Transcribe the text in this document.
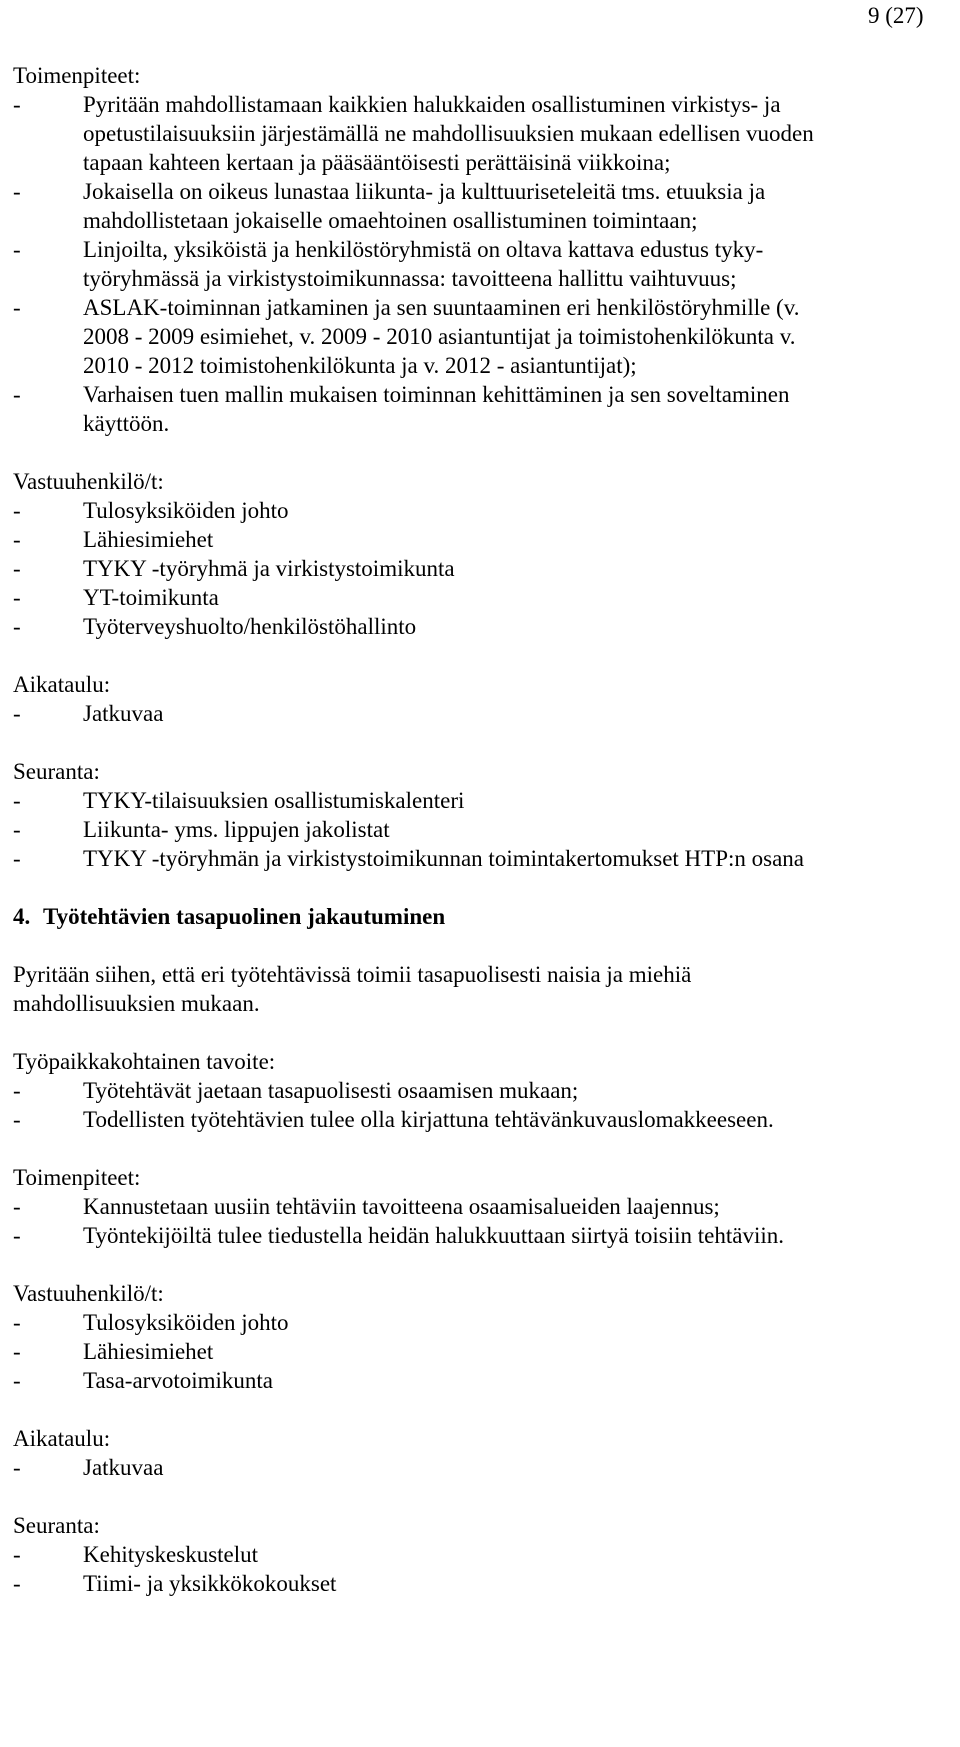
9 (27)
Toimenpiteet:
-	Pyritään mahdollistamaan kaikkien halukkaiden osallistuminen virkistys- ja
opetustilaisuuksiin järjestämällä ne mahdollisuuksien mukaan edellisen vuoden
tapaan kahteen kertaan ja pääsääntöisesti perättäisinä viikkoina;
-	Jokaisella on oikeus lunastaa liikunta- ja kulttuuriseteleitä tms. etuuksia ja
mahdollistetaan jokaiselle omaehtoinen osallistuminen toimintaan;
-	Linjoilta, yksiköistä ja henkilöstöryhmistä on oltava kattava edustus tyky-
työryhmässä ja virkistystoimikunnassa: tavoitteena hallittu vaihtuvuus;
-	ASLAK-toiminnan jatkaminen ja sen suuntaaminen eri henkilöstöryhmille (v.
2008 - 2009 esimiehet, v. 2009 - 2010 asiantuntijat ja toimistohenkilökunta v.
2010 - 2012 toimistohenkilökunta ja v. 2012 - asiantuntijat);
-	Varhaisen tuen mallin mukaisen toiminnan kehittäminen ja sen soveltaminen
käyttöön.
Vastuuhenkilö/t:
-	Tulosyksiköiden johto
-	Lähiesimiehet
-	TYKY -työryhmä ja virkistystoimikunta
-	YT-toimikunta
-	Työterveyshuolto/henkilöstöhallinto
Aikataulu:
-	Jatkuvaa
Seuranta:
-	TYKY-tilaisuuksien osallistumiskalenteri
-	Liikunta- yms. lippujen jakolistat
-	TYKY -työryhmän ja virkistystoimikunnan toimintakertomukset HTP:n osana
4. Työtehtävien tasapuolinen jakautuminen
Pyritään siihen, että eri työtehtävissä toimii tasapuolisesti naisia ja miehiä
mahdollisuuksien mukaan.
Työpaikkakohtainen tavoite:
-	Työtehtävät jaetaan tasapuolisesti osaamisen mukaan;
-	Todellisten työtehtävien tulee olla kirjattuna tehtävänkuvauslomakkeeseen.
Toimenpiteet:
-	Kannustetaan uusiin tehtäviin tavoitteena osaamisalueiden laajennus;
-	Työntekijöiltä tulee tiedustella heidän halukkuuttaan siirtyä toisiin tehtäviin.
Vastuuhenkilö/t:
-	Tulosyksiköiden johto
-	Lähiesimiehet
-	Tasa-arvotoimikunta
Aikataulu:
-	Jatkuvaa
Seuranta:
-	Kehityskeskustelut
-	Tiimi- ja yksikkökokoukset
